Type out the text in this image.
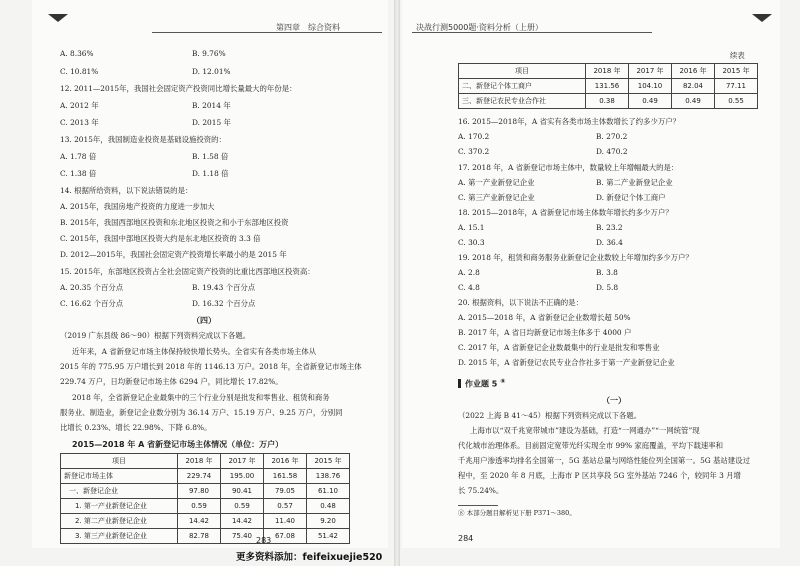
第四章　综合资料
A. 8.36%	B. 9.76%
C. 10.81%	D. 12.01%
12. 2011—2015年，我国社会固定资产投资同比增长量最大的年份是：
A. 2012 年	B. 2014 年
C. 2013 年	D. 2015 年
13. 2015年，我国制造业投资是基础设施投资的：
A. 1.78 倍	B. 1.58 倍
C. 1.38 倍	D. 1.18 倍
14. 根据所给资料，以下说法错误的是：
A. 2015年，我国房地产投资的力度进一步加大
B. 2015年，我国西部地区投资和东北地区投资之和小于东部地区投资
C. 2015年，我国中部地区投资大约是东北地区投资的 3.3 倍
D. 2012—2015年，我国社会固定资产投资增长率最小的是 2015 年
15. 2015年，东部地区投资占全社会固定资产投资的比重比西部地区投资高：
A. 20.35 个百分点	B. 19.43 个百分点
C. 16.62 个百分点	D. 16.32 个百分点
（四）
（2019 广东县级 86～90）根据下列资料完成以下各题。
近年来，A 省新登记市场主体保持较快增长势头。全省实有各类市场主体从
2015 年的 775.95 万户增长到 2018 年的 1146.13 万户。2018 年，全省新登记市场主体
229.74 万户，日均新登记市场主体 6294 户，同比增长 17.82%。
2018 年，全省新登记企业最集中的三个行业分别是批发和零售业、租赁和商务
服务业、制造业，新登记企业数分别为 36.14 万户、15.19 万户、9.25 万户，分别同
比增长 0.23%、增长 22.98%、下降 6.8%。
2015—2018 年 A 省新登记市场主体情况（单位：万户）
项目	2018 年	2017 年	2016 年	2015 年
新登记市场主体	229.74	195.00	161.58	138.76
一、新登记企业	97.80	90.41	79.05	61.10
1. 第一产业新登记企业	0.59	0.59	0.57	0.48
2. 第二产业新登记企业	14.42	14.42	11.40	9.20
3. 第三产业新登记企业	82.78	75.40	67.08	51.42
283
决战行测5000题·资料分析（上册）
续表
项目	2018 年	2017 年	2016 年	2015 年
二、新登记个体工商户	131.56	104.10	82.04	77.11
三、新登记农民专业合作社	0.38	0.49	0.49	0.55
16. 2015—2018年，A 省实有各类市场主体数增长了约多少万户？
A. 170.2	B. 270.2
C. 370.2	D. 470.2
17. 2018 年，A 省新登记市场主体中，数量较上年增幅最大的是：
A. 第一产业新登记企业	B. 第二产业新登记企业
C. 第三产业新登记企业	D. 新登记个体工商户
18. 2015—2018年，A 省新登记市场主体数年增长约多少万户？
A. 15.1	B. 23.2
C. 30.3	D. 36.4
19. 2018 年，租赁和商务服务业新登记企业数较上年增加约多少万户？
A. 2.8	B. 3.8
C. 4.8	D. 5.8
20. 根据资料，以下说法不正确的是：
A. 2015—2018 年，A 省新登记企业数增长超 50%
B. 2017 年，A 省日均新登记市场主体多于 4000 户
C. 2017 年，A 省新登记企业数最集中的行业是批发和零售业
D. 2015 年，A 省新登记农民专业合作社多于第一产业新登记企业
作业题 5 ⑧
（一）
（2022 上海 B 41～45）根据下列资料完成以下各题。
上海市以“双千兆宽带城市”建设为基础，打造“一网通办”“一网统管”现
代化城市治理体系。目前固定宽带光纤实现全市 99% 家庭覆盖，平均下载速率和
千兆用户渗透率均排名全国第一，5G 基站总量与网络性能位列全国第一。5G 基站建设过
程中，至 2020 年 8 月底，上海市 P 区共享段 5G 室外基站 7246 个，较同年 3 月增
长 75.24%。
⑧ 本部分题目解析见下册 P371～380。
284
更多资料添加：feifeixuejie520
